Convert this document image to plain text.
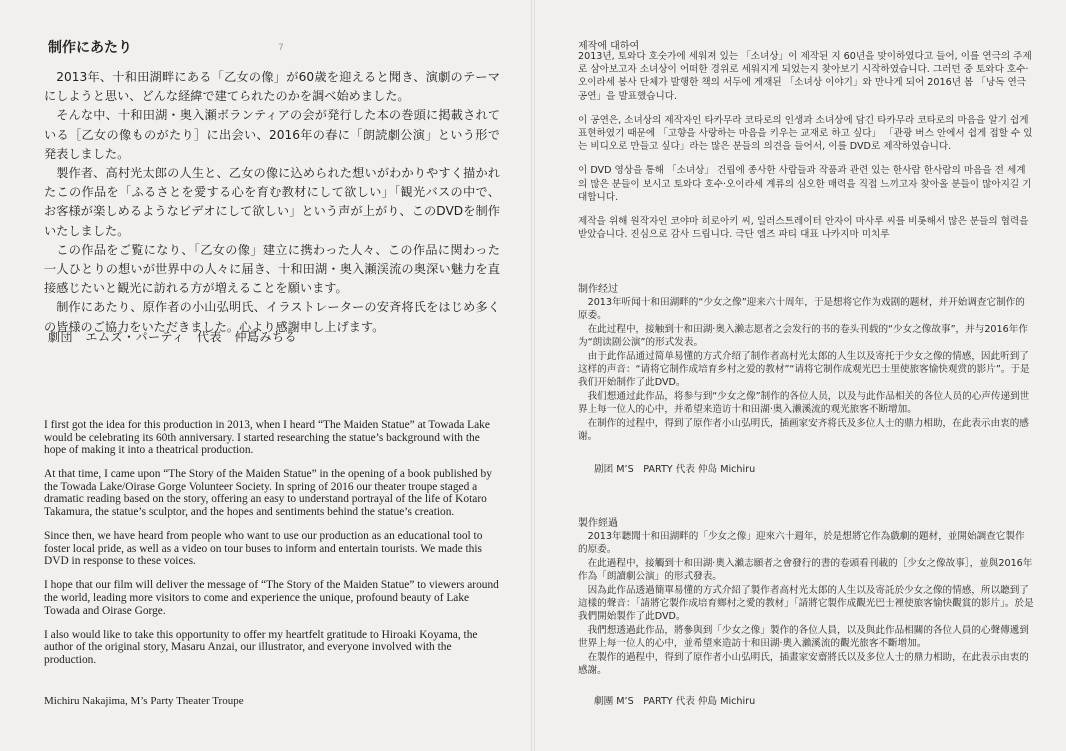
7
制作にあたり

2013年、十和田湖畔にある「乙女の像」が60歳を迎えると聞き、演劇のテーマにしようと思い、どんな経緯で建てられたのかを調べ始めました。

そんな中、十和田湖・奥入瀬ボランティアの会が発行した本の巻頭に掲載されている［乙女の像ものがたり］に出会い、2016年の春に「朗読劇公演」という形で発表しました。

製作者、高村光太郎の人生と、乙女の像に込められた想いがわかりやすく描かれたこの作品を「ふるさとを愛する心を育む教材にして欲しい」「観光バスの中で、お客様が楽しめるようなビデオにして欲しい」という声が上がり、このDVDを制作いたしました。

この作品をご覧になり、「乙女の像」建立に携わった人々、この作品に関わった一人ひとりの想いが世界中の人々に届き、十和田湖・奥入瀬渓流の奥深い魅力を直接感じたいと観光に訪れる方が増えることを願います。

制作にあたり、原作者の小山弘明氏、イラストレーターの安斉将氏をはじめ多くの皆様のご協力をいただきました。心より感謝申し上げます。

劇団　エムズ・パーティ　代表　仲島みちる

I first got the idea for this production in 2013, when I heard “The Maiden Statue” at Towada Lake would be celebrating its 60th anniversary. I started researching the statue’s background with the hope of making it into a theatrical production.

At that time, I came upon “The Story of the Maiden Statue” in the opening of a book published by the Towada Lake/Oirase Gorge Volunteer Society. In spring of 2016 our theater troupe staged a dramatic reading based on the story, offering an easy to understand portrayal of the life of Kotaro Takamura, the statue’s sculptor, and the hopes and sentiments behind the statue’s creation.

Since then, we have heard from people who want to use our production as an educational tool to foster local pride, as well as a video on tour buses to inform and entertain tourists. We made this DVD in response to these voices.

I hope that our film will deliver the message of “The Story of the Maiden Statue” to viewers around the world, leading more visitors to come and experience the unique, profound beauty of Lake Towada and Oirase Gorge.

I also would like to take this opportunity to offer my heartfelt gratitude to Hiroaki Koyama, the author of the original story, Masaru Anzai, our illustrator, and everyone involved with the production.

Michiru Nakajima, M’s Party Theater Troupe
제작에 대하여

2013년, 토와다 호숫가에 세워져 있는 「소녀상」이 제작된 지 60년을 맞이하였다고 들어, 이를 연극의 주제로 삼아보고자 소녀상이 어떠한 경위로 세워지게 되었는지 찾아보기 시작하였습니다. 그러던 중 토와다 호수·오이라세 봉사 단체가 발행한 책의 서두에 게재된 「소녀상 이야기」와 만나게 되어 2016년 봄 「낭독 연극 공연」을 발표했습니다.

이 공연은, 소녀상의 제작자인 타카무라 코타로의 인생과 소녀상에 담긴 타카무라 코타로의 마음을 알기 쉽게 표현하였기 때문에 「고향을 사랑하는 마음을 키우는 교재로 하고 싶다」 「관광 버스 안에서 쉽게 접할 수 있는 비디오로 만들고 싶다」라는 많은 분들의 의견을 들어서, 이를 DVD로 제작하였습니다.

이 DVD 영상을 통해 「소녀상」 건립에 종사한 사람들과 작품과 관련 있는 한사람 한사람의 마음을 전 세계의 많은 분들이 보시고 토와다 호수·오이라세 계류의 심오한 매력을 직접 느끼고자 찾아올 분들이 많아지길 기대합니다.

제작을 위해 원작자인 코야마 히로아키 씨, 일러스트레이터 안자이 마사루 씨를 비롯해서 많은 분들의 협력을 받았습니다. 진심으로 감사 드립니다. 극단 엠즈 파티 대표 나카지마 미치루

制作经过

2013年听闻十和田湖畔的“少女之像”迎来六十周年，于是想将它作为戏剧的题材，并开始调查它制作的原委。

在此过程中，接触到十和田湖·奥入濑志愿者之会发行的书的卷头刊载的“少女之像故事”，并与2016年作为“朗读剧公演”的形式发表。

由于此作品通过简单易懂的方式介绍了制作者高村光太郎的人生以及寄托于少女之像的情感，因此听到了这样的声音：“请将它制作成培育乡村之爱的教材”“请将它制作成观光巴士里使旅客愉快观赏的影片”。于是我们开始制作了此DVD。

我们想通过此作品，将参与到“少女之像”制作的各位人员，以及与此作品相关的各位人员的心声传递到世界上每一位人的心中，并希望来造访十和田湖·奥入濑溪流的观光旅客不断增加。

在制作的过程中，得到了原作者小山弘明氏，插画家安齐将氏及多位人士的鼎力相助，在此表示由衷的感谢。

剧团 M’S　PARTY 代表 仲岛 Michiru
製作經過

2013年聽聞十和田湖畔的「少女之像」迎來六十週年，於是想將它作為戲劇的題材，並開始調查它製作的原委。

在此過程中，接觸到十和田湖·奧入瀨志願者之會發行的書的卷頭看刊載的［少女之像故事］，並與2016年作為「朗讀劇公演」的形式發表。

因為此作品透過簡單易懂的方式介紹了製作者高村光太郎的人生以及寄託於少女之像的情感，所以聽到了這樣的聲音：「請將它製作成培育鄉村之愛的教材」「請將它製作成觀光巴士裡使旅客愉快觀賞的影片」。於是我們開始製作了此DVD。

我們想透過此作品，將參與到「少女之像」製作的各位人員，以及與此作品相關的各位人員的心聲傳遞到世界上每一位人的心中，並希望來造訪十和田湖·奧入瀨溪流的觀光旅客不斷增加。

在製作的過程中，得到了原作者小山弘明氏，插畫家安齋將氏以及多位人士的鼎力相助，在此表示由衷的感謝。

劇團 M’S　PARTY 代表 仲島 Michiru
